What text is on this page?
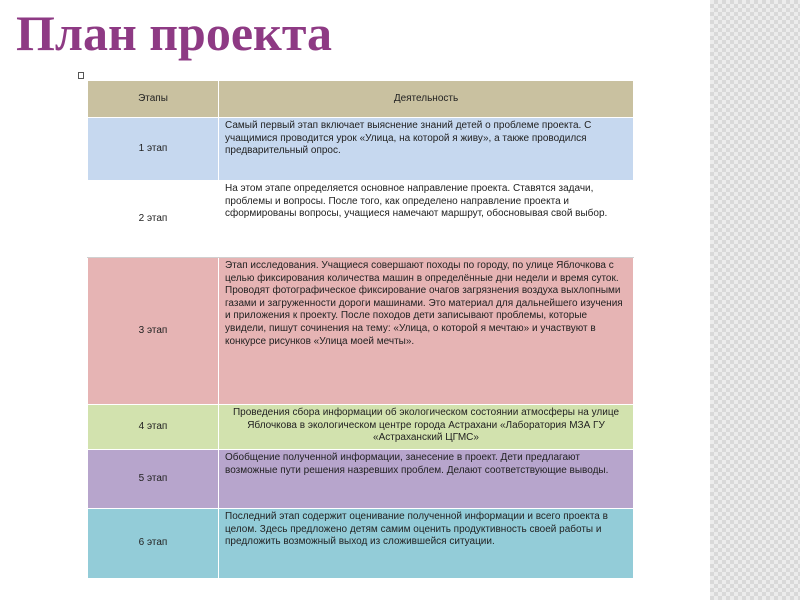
План проекта
Этапы	Деятельность
1 этап	Самый первый этап включает выяснение знаний детей о проблеме проекта. С учащимися проводится урок «Улица, на которой я живу», а также проводился предварительный опрос.
2 этап	На этом этапе определяется основное направление проекта. Ставятся задачи, проблемы и вопросы. После того, как определено направление проекта и сформированы вопросы, учащиеся намечают маршрут, обосновывая свой выбор.
3 этап	Этап исследования. Учащиеся совершают походы по городу, по улице Яблочкова с целью фиксирования количества машин в определённые дни недели и время суток. Проводят фотографическое фиксирование очагов загрязнения воздуха выхлопными газами и загруженности дороги машинами. Это материал для дальнейшего изучения и приложения к проекту. После походов дети записывают проблемы, которые увидели, пишут сочинения на тему: «Улица, о которой я мечтаю» и участвуют в конкурсе рисунков «Улица моей мечты».
4 этап	Проведения сбора информации об экологическом состоянии атмосферы на улице Яблочкова в экологическом центре города Астрахани «Лаборатория МЗА ГУ «Астраханский ЦГМС»
5 этап	Обобщение полученной информации, занесение в проект. Дети предлагают возможные пути решения назревших проблем. Делают соответствующие выводы.
6 этап	Последний этап содержит оценивание полученной информации и всего проекта в целом. Здесь предложено детям самим оценить продуктивность своей работы и предложить возможный выход из сложившейся ситуации.
